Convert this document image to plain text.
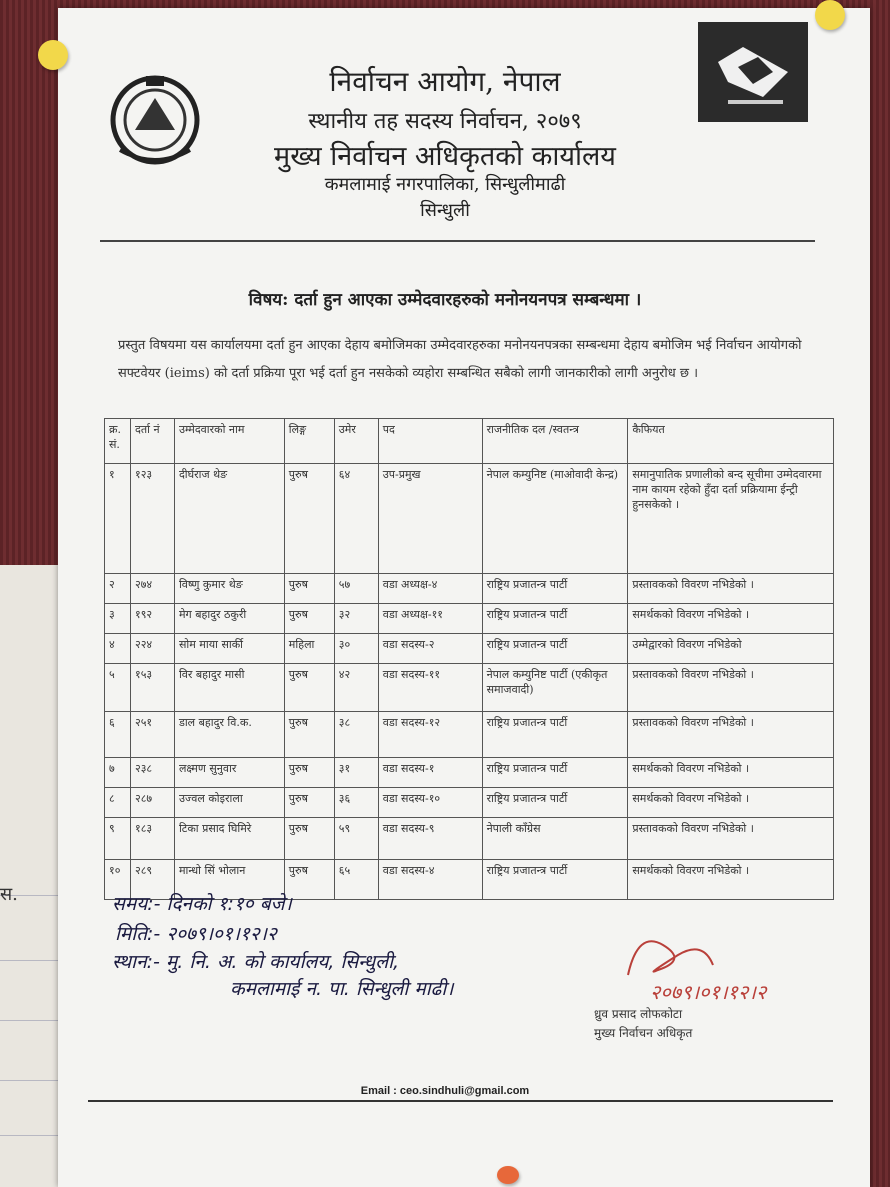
स.
निर्वाचन आयोग, नेपाल
स्थानीय तह सदस्य निर्वाचन, २०७९
मुख्य निर्वाचन अधिकृतको कार्यालय
कमलामाई नगरपालिका, सिन्धुलीमाढी
सिन्धुली
विषय: दर्ता हुन आएका उम्मेदवारहरुको मनोनयनपत्र सम्बन्धमा ।
प्रस्तुत विषयमा यस कार्यालयमा दर्ता हुन आएका देहाय बमोजिमका उम्मेदवारहरुका मनोनयनपत्रका सम्बन्धमा देहाय बमोजिम भई निर्वाचन आयोगको सफ्टवेयर (ieims) को दर्ता प्रक्रिया पूरा भई दर्ता हुन नसकेको व्यहोरा सम्बन्धित सबैको लागी जानकारीको लागी अनुरोध छ ।
क्र. सं.	दर्ता नं	उम्मेदवारको नाम	लिङ्ग	उमेर	पद	राजनीतिक दल /स्वतन्त्र	कैफियत
१	१२३	दीर्घराज थेङ	पुरुष	६४	उप-प्रमुख	नेपाल कम्युनिष्ट (माओवादी केन्द्र)	समानुपातिक प्रणालीको बन्द सूचीमा उम्मेदवारमा नाम कायम रहेको हुँदा दर्ता प्रक्रियामा ईन्ट्री हुनसकेको ।
२	२७४	विष्णु कुमार थेङ	पुरुष	५७	वडा अध्यक्ष-४	राष्ट्रिय प्रजातन्त्र पार्टी	प्रस्तावकको विवरण नभिडेको ।
३	१९२	मेग बहादुर ठकुरी	पुरुष	३२	वडा अध्यक्ष-११	राष्ट्रिय प्रजातन्त्र पार्टी	समर्थकको विवरण नभिडेको ।
४	२२४	सोम माया सार्की	महिला	३०	वडा सदस्य-२	राष्ट्रिय प्रजातन्त्र पार्टी	उम्मेद्वारको विवरण नभिडेको
५	१५३	विर बहादुर मासी	पुरुष	४२	वडा सदस्य-११	नेपाल कम्युनिष्ट पार्टी (एकीकृत समाजवादी)	प्रस्तावकको विवरण नभिडेको ।
६	२५१	डाल बहादुर वि.क.	पुरुष	३८	वडा सदस्य-१२	राष्ट्रिय प्रजातन्त्र पार्टी	प्रस्तावकको विवरण नभिडेको ।
७	२३८	लक्ष्मण सुनुवार	पुरुष	३१	वडा सदस्य-१	राष्ट्रिय प्रजातन्त्र पार्टी	समर्थकको विवरण नभिडेको ।
८	२८७	उज्वल कोइराला	पुरुष	३६	वडा सदस्य-१०	राष्ट्रिय प्रजातन्त्र पार्टी	समर्थकको विवरण नभिडेको ।
९	१८३	टिका प्रसाद घिमिरे	पुरुष	५९	वडा सदस्य-९	नेपाली काँग्रेस	प्रस्तावकको विवरण नभिडेको ।
१०	२८९	मान्धो सिं भोलान	पुरुष	६५	वडा सदस्य-४	राष्ट्रिय प्रजातन्त्र पार्टी	समर्थकको विवरण नभिडेको ।
समय:- दिनको १:१० बजे।
मिति:- २०७९।०१।१२।२
स्थान:- मु. नि. अ. को कार्यालय, सिन्धुली,
कमलामाई न. पा. सिन्धुली माढी।	२०७९।०१।१२।२
ध्रुव प्रसाद लोफकोटा
मुख्य निर्वाचन अधिकृत
Email : ceo.sindhuli@gmail.com
